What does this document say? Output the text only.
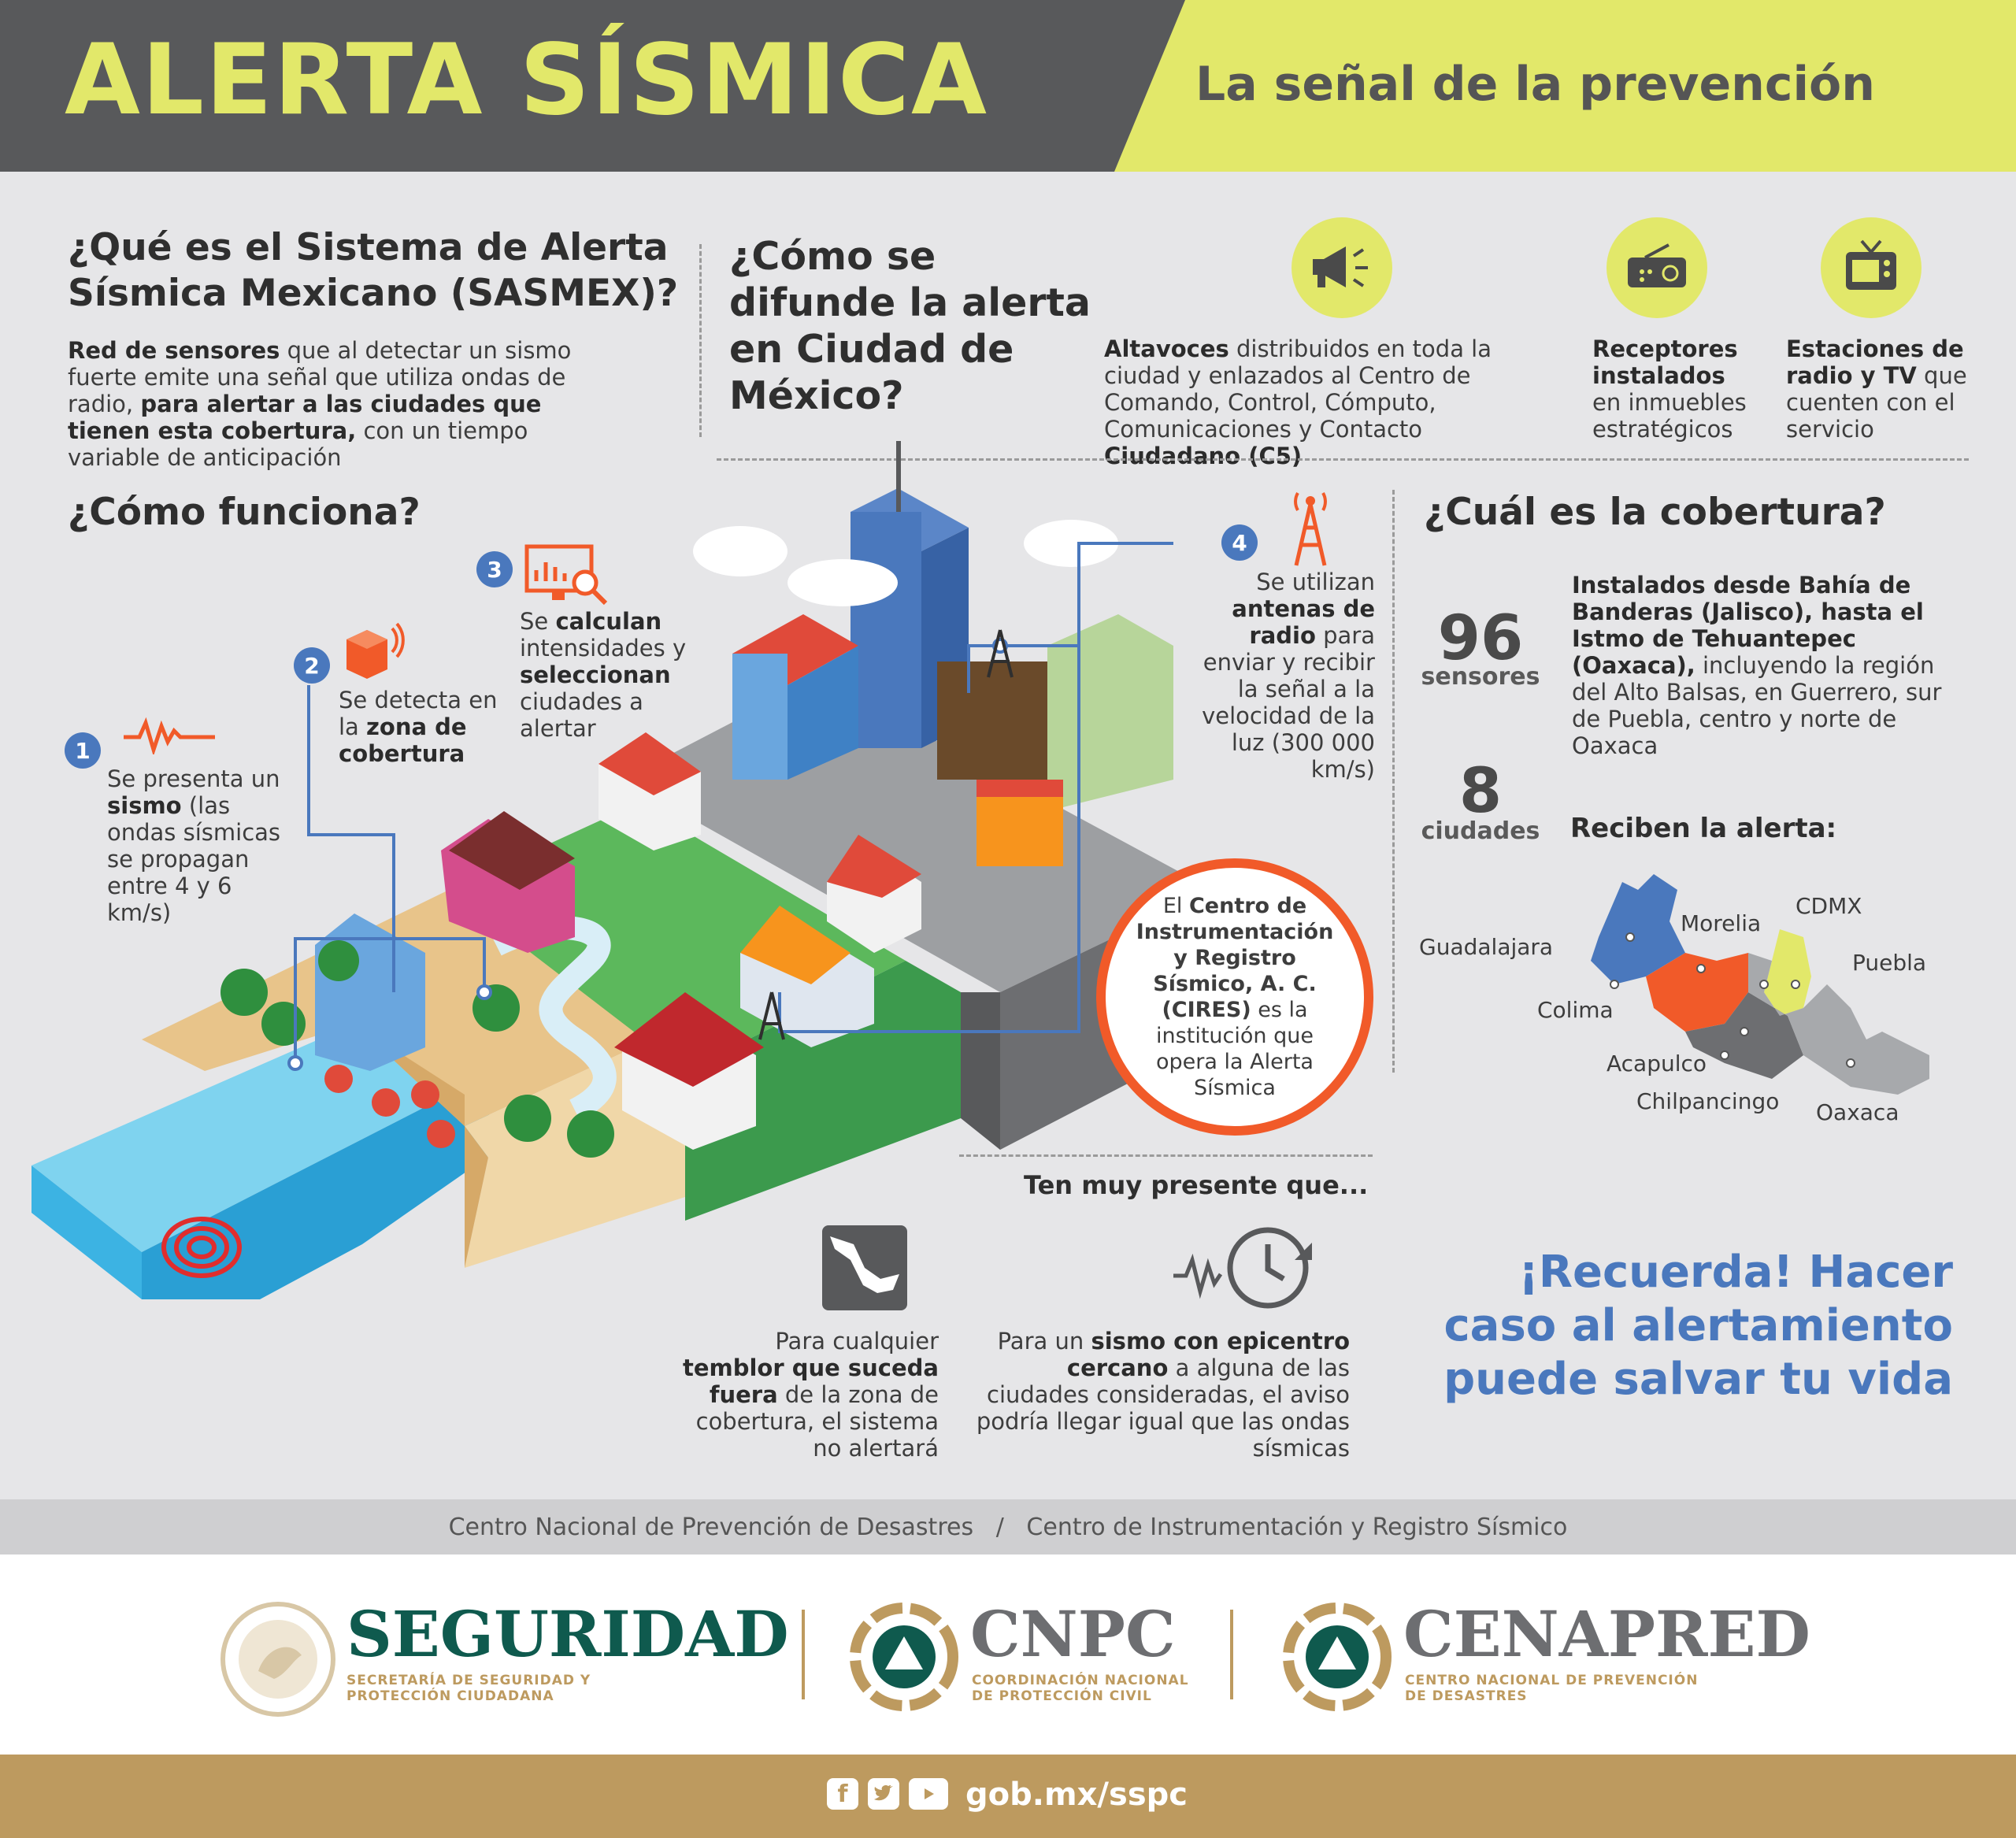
ALERTA SÍSMICA	La señal de la prevención
¿Qué es el Sistema de Alerta Sísmica Mexicano (SASMEX)?
Red de sensores que al detectar un sismo fuerte emite una señal que utiliza ondas de radio, para alertar a las ciudades que tienen esta cobertura, con un tiempo variable de anticipación
¿Cómo se difunde la alerta en Ciudad de México?
Altavoces distribuidos en toda la ciudad y enlazados al Centro de Comando, Control, Cómputo, Comunicaciones y Contacto Ciudadano (C5)
Receptores instalados en inmuebles estratégicos
Estaciones de radio y TV que cuenten con el servicio
¿Cómo funciona?
1
Se presenta un sismo (las ondas sísmicas se propagan entre 4 y 6 km/s)
2
Se detecta en la zona de cobertura
3
Se calculan intensidades y seleccionan ciudades a alertar
4
Se utilizan antenas de radio para enviar y recibir la señal a la velocidad de la luz (300 000 km/s)
El Centro de Instrumentación y Registro Sísmico, A. C. (CIRES) es la institución que opera la Alerta Sísmica
¿Cuál es la cobertura?
96
sensores
Instalados desde Bahía de Banderas (Jalisco), hasta el Istmo de Tehuantepec (Oaxaca), incluyendo la región del Alto Balsas, en Guerrero, sur de Puebla, centro y norte de Oaxaca
8
ciudades Reciben la alerta:
Guadalajara
Morelia
CDMX
Puebla
Colima
Acapulco
Chilpancingo Oaxaca
Ten muy presente que...
Para cualquier temblor que suceda fuera de la zona de cobertura, el sistema no alertará
Para un sismo con epicentro cercano a alguna de las ciudades consideradas, el aviso podría llegar igual que las ondas sísmicas
¡Recuerda! Hacer caso al alertamiento puede salvar tu vida
Centro Nacional de Prevención de Desastres   /   Centro de Instrumentación y Registro Sísmico
SEGURIDAD
SECRETARÍA DE SEGURIDAD Y PROTECCIÓN CIUDADANA
CNPC
COORDINACIÓN NACIONAL DE PROTECCIÓN CIVIL
CENAPRED
CENTRO NACIONAL DE PREVENCIÓN DE DESASTRES
f	gob.mx/sspc
